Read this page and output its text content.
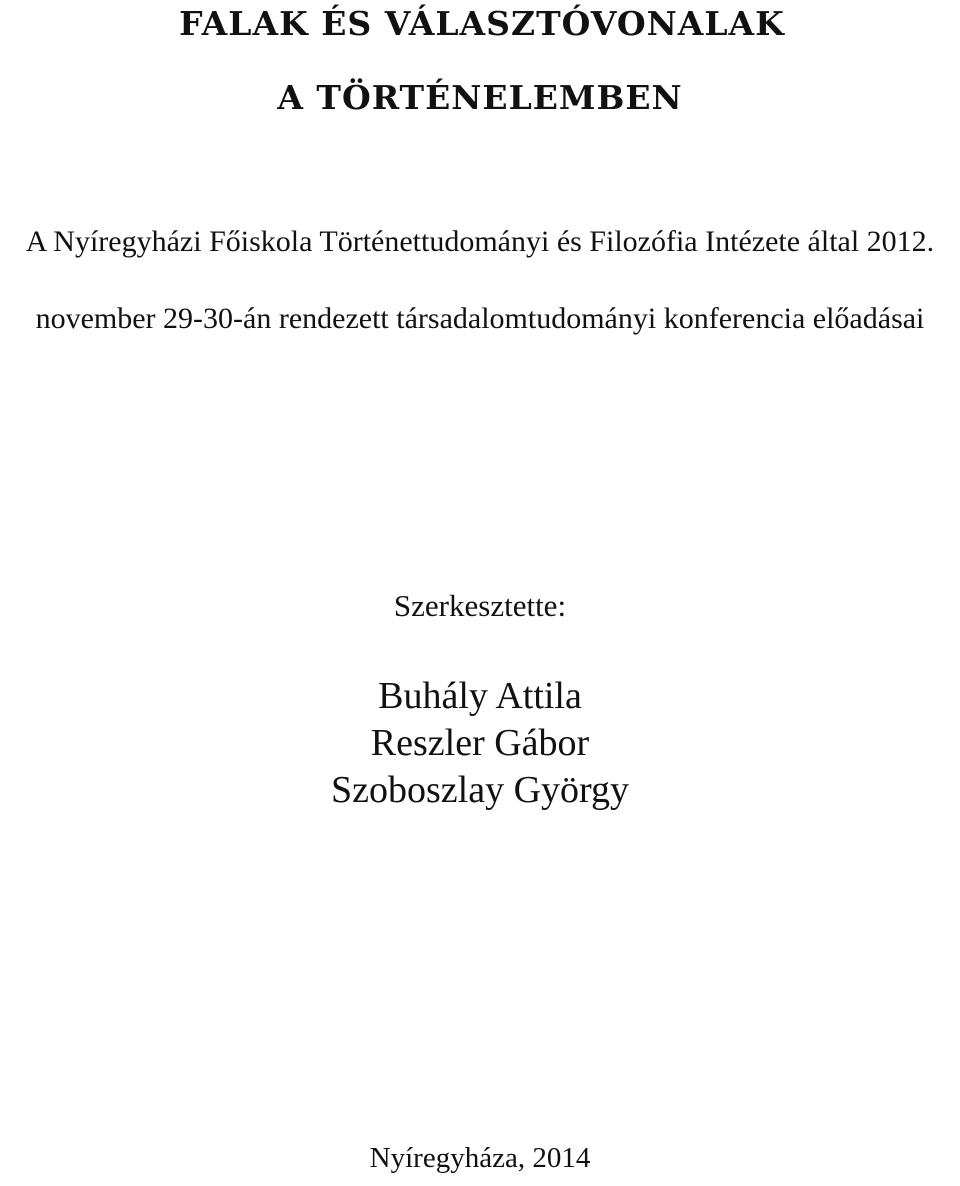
FALAK ÉS VÁLASZTÓVONALAK
A TÖRTÉNELEMBEN

A Nyíregyházi Főiskola Történettudományi és Filozófia Intézete által 2012.

november 29-30-án rendezett társadalomtudományi konferencia előadásai

Szerkesztette:

Buhály Attila
Reszler Gábor
Szoboszlay György

Nyíregyháza, 2014
